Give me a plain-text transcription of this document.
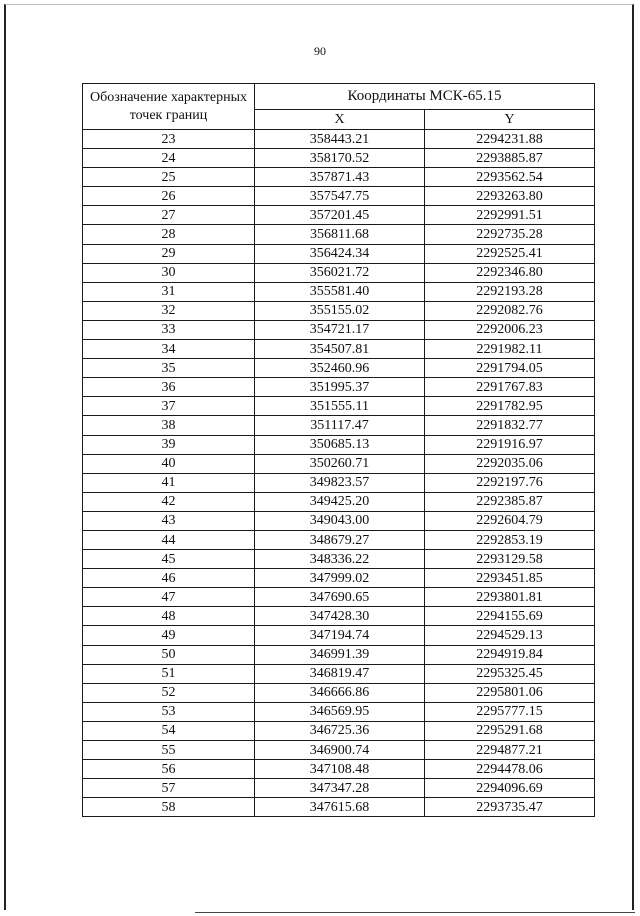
90
Обозначение характерных точек границ	Координаты МСК-65.15	
	X	Y
23	358443.21	2294231.88
24	358170.52	2293885.87
25	357871.43	2293562.54
26	357547.75	2293263.80
27	357201.45	2292991.51
28	356811.68	2292735.28
29	356424.34	2292525.41
30	356021.72	2292346.80
31	355581.40	2292193.28
32	355155.02	2292082.76
33	354721.17	2292006.23
34	354507.81	2291982.11
35	352460.96	2291794.05
36	351995.37	2291767.83
37	351555.11	2291782.95
38	351117.47	2291832.77
39	350685.13	2291916.97
40	350260.71	2292035.06
41	349823.57	2292197.76
42	349425.20	2292385.87
43	349043.00	2292604.79
44	348679.27	2292853.19
45	348336.22	2293129.58
46	347999.02	2293451.85
47	347690.65	2293801.81
48	347428.30	2294155.69
49	347194.74	2294529.13
50	346991.39	2294919.84
51	346819.47	2295325.45
52	346666.86	2295801.06
53	346569.95	2295777.15
54	346725.36	2295291.68
55	346900.74	2294877.21
56	347108.48	2294478.06
57	347347.28	2294096.69
58	347615.68	2293735.47
